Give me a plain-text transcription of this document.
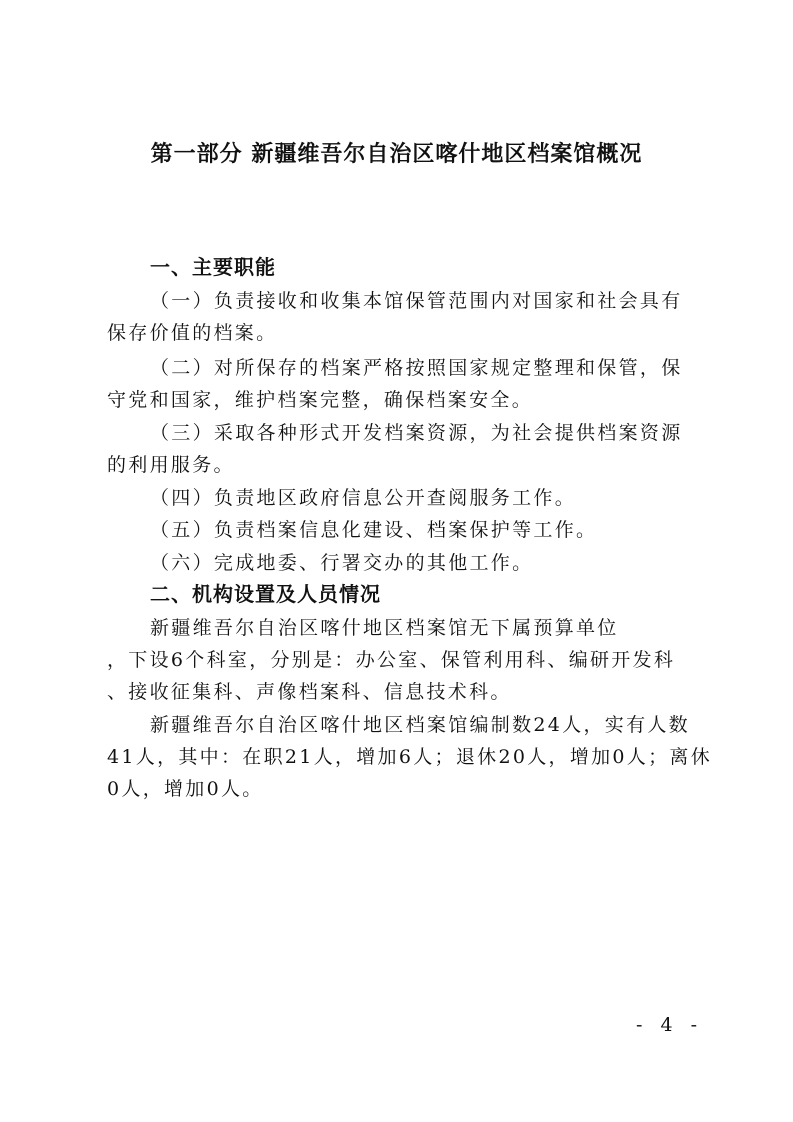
第一部分 新疆维吾尔自治区喀什地区档案馆概况
一、主要职能
（一）负责接收和收集本馆保管范围内对国家和社会具有
保存价值的档案。
（二）对所保存的档案严格按照国家规定整理和保管，保
守党和国家，维护档案完整，确保档案安全。
（三）采取各种形式开发档案资源，为社会提供档案资源
的利用服务。
（四）负责地区政府信息公开查阅服务工作。
（五）负责档案信息化建设、档案保护等工作。
（六）完成地委、行署交办的其他工作。
二、机构设置及人员情况
新疆维吾尔自治区喀什地区档案馆无下属预算单位
，下设6个科室，分别是：办公室、保管利用科、编研开发科
、接收征集科、声像档案科、信息技术科。
新疆维吾尔自治区喀什地区档案馆编制数24人，实有人数
41人，其中：在职21人，增加6人；退休20人，增加0人；离休
0人，增加0人。
- 4 -
